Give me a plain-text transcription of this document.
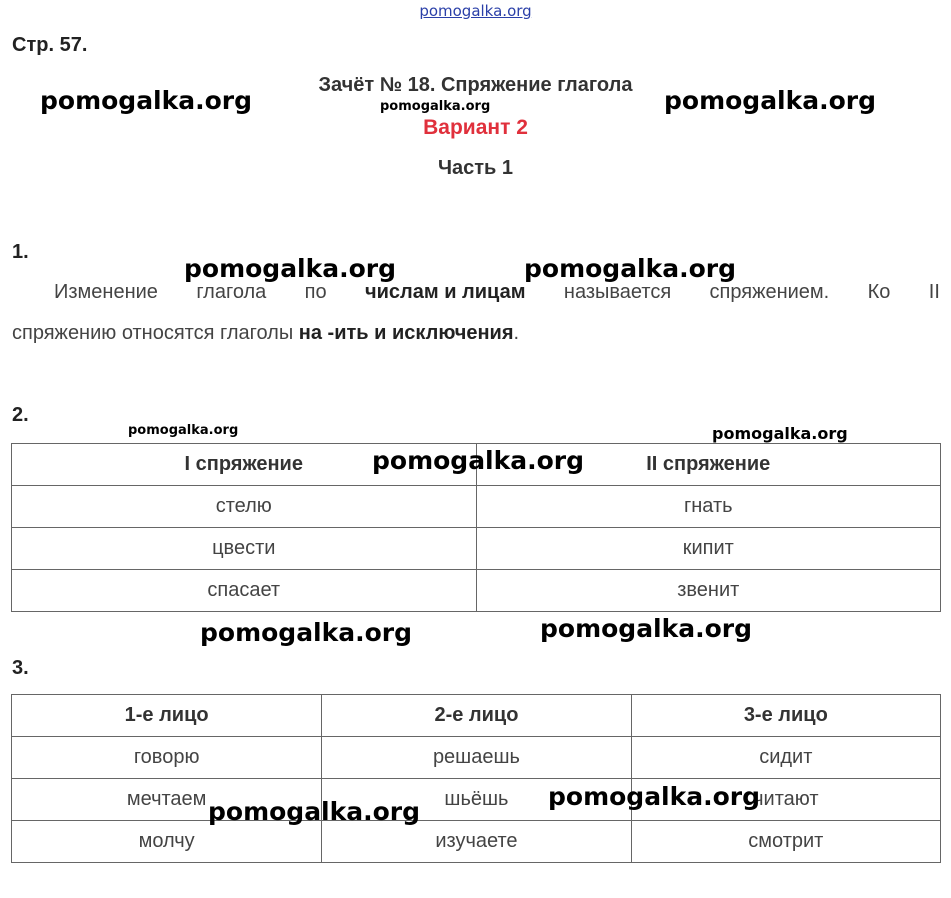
pomogalka.org
Стр. 57.
Зачёт № 18. Спряжение глагола
Вариант 2
Часть 1
1.
Изменение глагола по числам и лицам называется спряжением. Ко II
спряжению относятся глаголы на -ить и исключения.
2.
I спряжение	II спряжение
стелю	гнать
цвести	кипит
спасает	звенит
3.
1-е лицо	2-е лицо	3-е лицо
говорю	решаешь	сидит
мечтаем	шьёшь	читают
молчу	изучаете	смотрит
pomogalka.org	pomogalka.org	pomogalka.org
pomogalka.org	pomogalka.org
pomogalka.org	pomogalka.org
pomogalka.org
pomogalka.org	pomogalka.org
pomogalka.org
pomogalka.org
